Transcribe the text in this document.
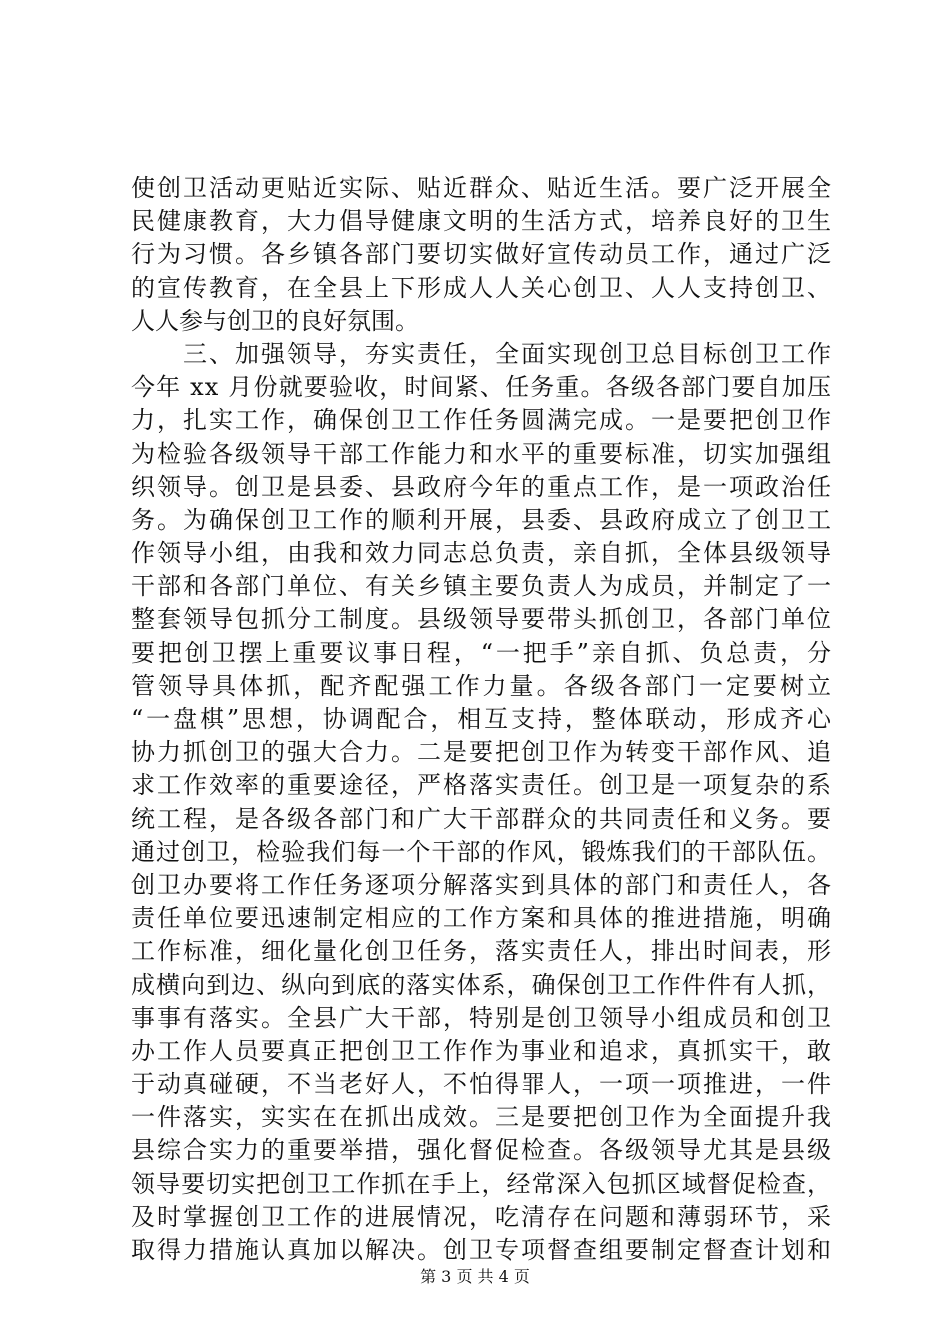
使创卫活动更贴近实际、贴近群众、贴近生活。要广泛开展全
民健康教育，大力倡导健康文明的生活方式，培养良好的卫生
行为习惯。各乡镇各部门要切实做好宣传动员工作，通过广泛
的宣传教育，在全县上下形成人人关心创卫、人人支持创卫、
人人参与创卫的良好氛围。
　　三、加强领导，夯实责任，全面实现创卫总目标创卫工作
今年 xx 月份就要验收，时间紧、任务重。各级各部门要自加压
力，扎实工作，确保创卫工作任务圆满完成。一是要把创卫作
为检验各级领导干部工作能力和水平的重要标准，切实加强组
织领导。创卫是县委、县政府今年的重点工作，是一项政治任
务。为确保创卫工作的顺利开展，县委、县政府成立了创卫工
作领导小组，由我和效力同志总负责，亲自抓，全体县级领导
干部和各部门单位、有关乡镇主要负责人为成员，并制定了一
整套领导包抓分工制度。县级领导要带头抓创卫，各部门单位
要把创卫摆上重要议事日程，“一把手”亲自抓、负总责，分
管领导具体抓，配齐配强工作力量。各级各部门一定要树立
“一盘棋”思想，协调配合，相互支持，整体联动，形成齐心
协力抓创卫的强大合力。二是要把创卫作为转变干部作风、追
求工作效率的重要途径，严格落实责任。创卫是一项复杂的系
统工程，是各级各部门和广大干部群众的共同责任和义务。要
通过创卫，检验我们每一个干部的作风，锻炼我们的干部队伍。
创卫办要将工作任务逐项分解落实到具体的部门和责任人，各
责任单位要迅速制定相应的工作方案和具体的推进措施，明确
工作标准，细化量化创卫任务，落实责任人，排出时间表，形
成横向到边、纵向到底的落实体系，确保创卫工作件件有人抓，
事事有落实。全县广大干部，特别是创卫领导小组成员和创卫
办工作人员要真正把创卫工作作为事业和追求，真抓实干，敢
于动真碰硬，不当老好人，不怕得罪人，一项一项推进，一件
一件落实，实实在在抓出成效。三是要把创卫作为全面提升我
县综合实力的重要举措，强化督促检查。各级领导尤其是县级
领导要切实把创卫工作抓在手上，经常深入包抓区域督促检查，
及时掌握创卫工作的进展情况，吃清存在问题和薄弱环节，采
取得力措施认真加以解决。创卫专项督查组要制定督查计划和
第 3 页 共 4 页
